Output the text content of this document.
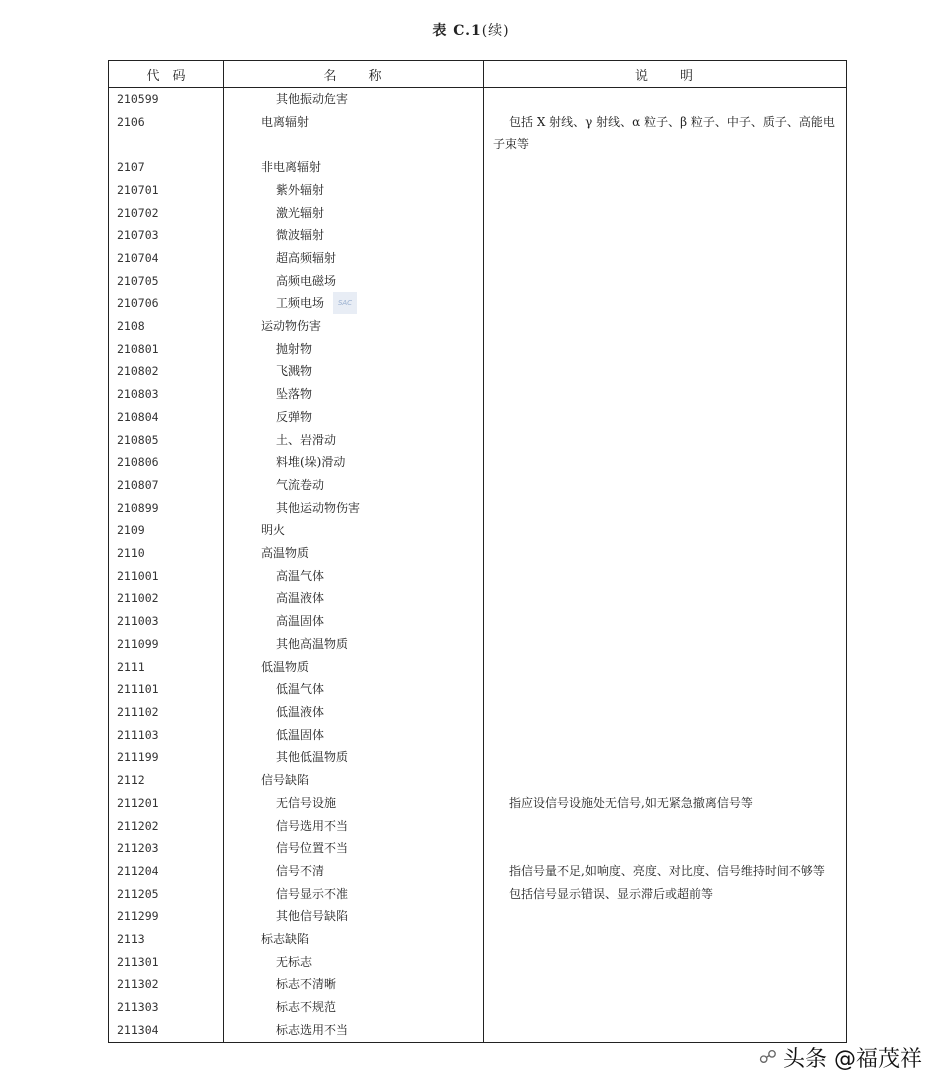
表 C.1(续)
代　码	名　　称	说　　明
210599	其他振动危害	
2106	电离辐射	包括 X 射线、γ 射线、α 粒子、β 粒子、中子、质子、高能电子束等
2107	非电离辐射	
210701	紫外辐射	
210702	激光辐射	
210703	微波辐射	
210704	超高频辐射	
210705	高频电磁场	
210706	工频电场	
2108	运动物伤害	
210801	抛射物	
210802	飞溅物	
210803	坠落物	
210804	反弹物	
210805	土、岩滑动	
210806	料堆(垛)滑动	
210807	气流卷动	
210899	其他运动物伤害	
2109	明火	
2110	高温物质	
211001	高温气体	
211002	高温液体	
211003	高温固体	
211099	其他高温物质	
2111	低温物质	
211101	低温气体	
211102	低温液体	
211103	低温固体	
211199	其他低温物质	
2112	信号缺陷	
211201	无信号设施	指应设信号设施处无信号,如无紧急撤离信号等
211202	信号选用不当	
211203	信号位置不当	
211204	信号不清	指信号量不足,如响度、亮度、对比度、信号维持时间不够等
211205	信号显示不准	包括信号显示错误、显示滞后或超前等
211299	其他信号缺陷	
2113	标志缺陷	
211301	无标志	
211302	标志不清晰	
211303	标志不规范	
211304	标志选用不当	
SAC
☍ 头条 @福茂祥
